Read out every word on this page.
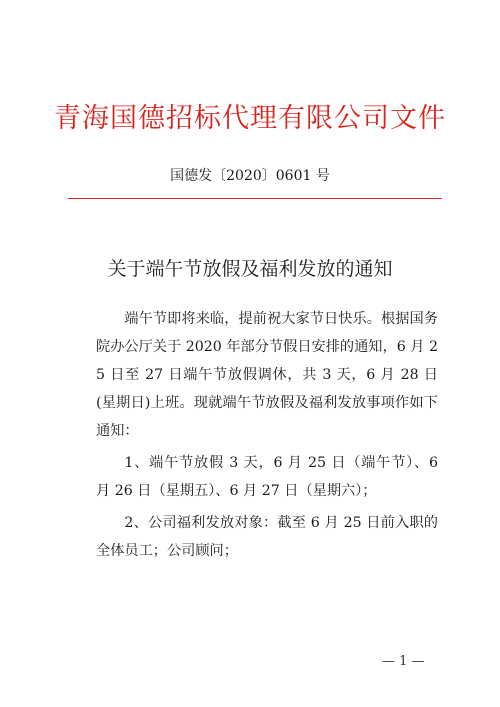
青海国德招标代理有限公司文件
国德发〔2020〕0601 号
关于端午节放假及福利发放的通知

端午节即将来临，提前祝大家节日快乐。根据国务院办公厅关于 2020 年部分节假日安排的通知，6 月 25 日至 27 日端午节放假调休，共 3 天，6 月 28 日(星期日)上班。现就端午节放假及福利发放事项作如下通知：

1、端午节放假 3 天，6 月 25 日（端午节）、6 月 26 日（星期五）、6 月 27 日（星期六）；

2、公司福利发放对象：截至 6 月 25 日前入职的全体员工；公司顾问；

— 1 —
